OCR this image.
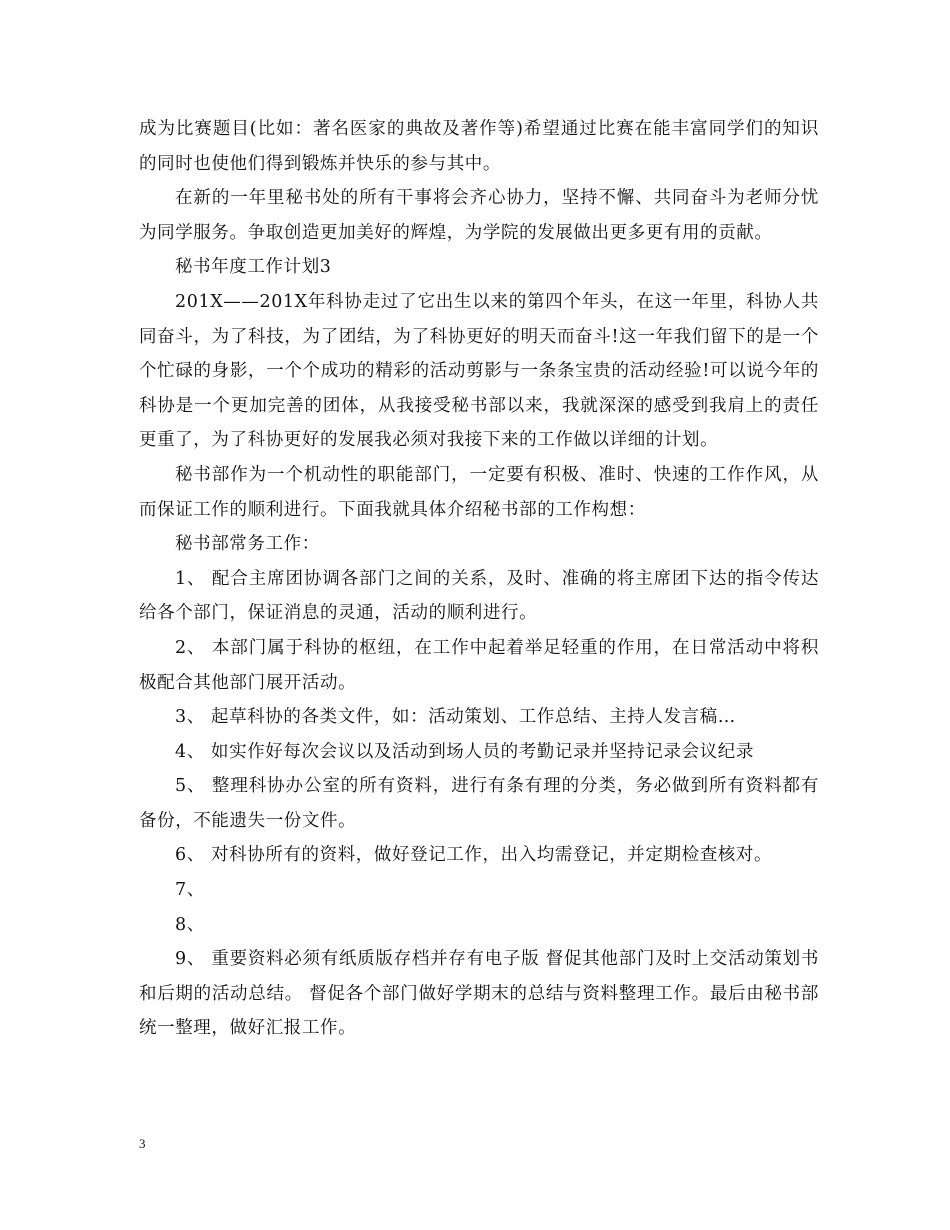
成为比赛题目(比如：著名医家的典故及著作等)希望通过比赛在能丰富同学们的知识的同时也使他们得到锻炼并快乐的参与其中。

在新的一年里秘书处的所有干事将会齐心协力，坚持不懈、共同奋斗为老师分忧为同学服务。争取创造更加美好的辉煌，为学院的发展做出更多更有用的贡献。

秘书年度工作计划3

201X——201X年科协走过了它出生以来的第四个年头，在这一年里，科协人共同奋斗，为了科技，为了团结，为了科协更好的明天而奋斗!这一年我们留下的是一个个忙碌的身影，一个个成功的精彩的活动剪影与一条条宝贵的活动经验!可以说今年的科协是一个更加完善的团体，从我接受秘书部以来，我就深深的感受到我肩上的责任更重了，为了科协更好的发展我必须对我接下来的工作做以详细的计划。

秘书部作为一个机动性的职能部门，一定要有积极、准时、快速的工作作风，从而保证工作的顺利进行。下面我就具体介绍秘书部的工作构想：

秘书部常务工作：

1、 配合主席团协调各部门之间的关系，及时、准确的将主席团下达的指令传达给各个部门，保证消息的灵通，活动的顺利进行。

2、 本部门属于科协的枢纽，在工作中起着举足轻重的作用，在日常活动中将积极配合其他部门展开活动。

3、 起草科协的各类文件，如：活动策划、工作总结、主持人发言稿…

4、 如实作好每次会议以及活动到场人员的考勤记录并坚持记录会议纪录

5、 整理科协办公室的所有资料，进行有条有理的分类，务必做到所有资料都有备份，不能遗失一份文件。

6、 对科协所有的资料，做好登记工作，出入均需登记，并定期检查核对。

7、

8、

9、 重要资料必须有纸质版存档并存有电子版 督促其他部门及时上交活动策划书和后期的活动总结。 督促各个部门做好学期末的总结与资料整理工作。最后由秘书部统一整理，做好汇报工作。

3
